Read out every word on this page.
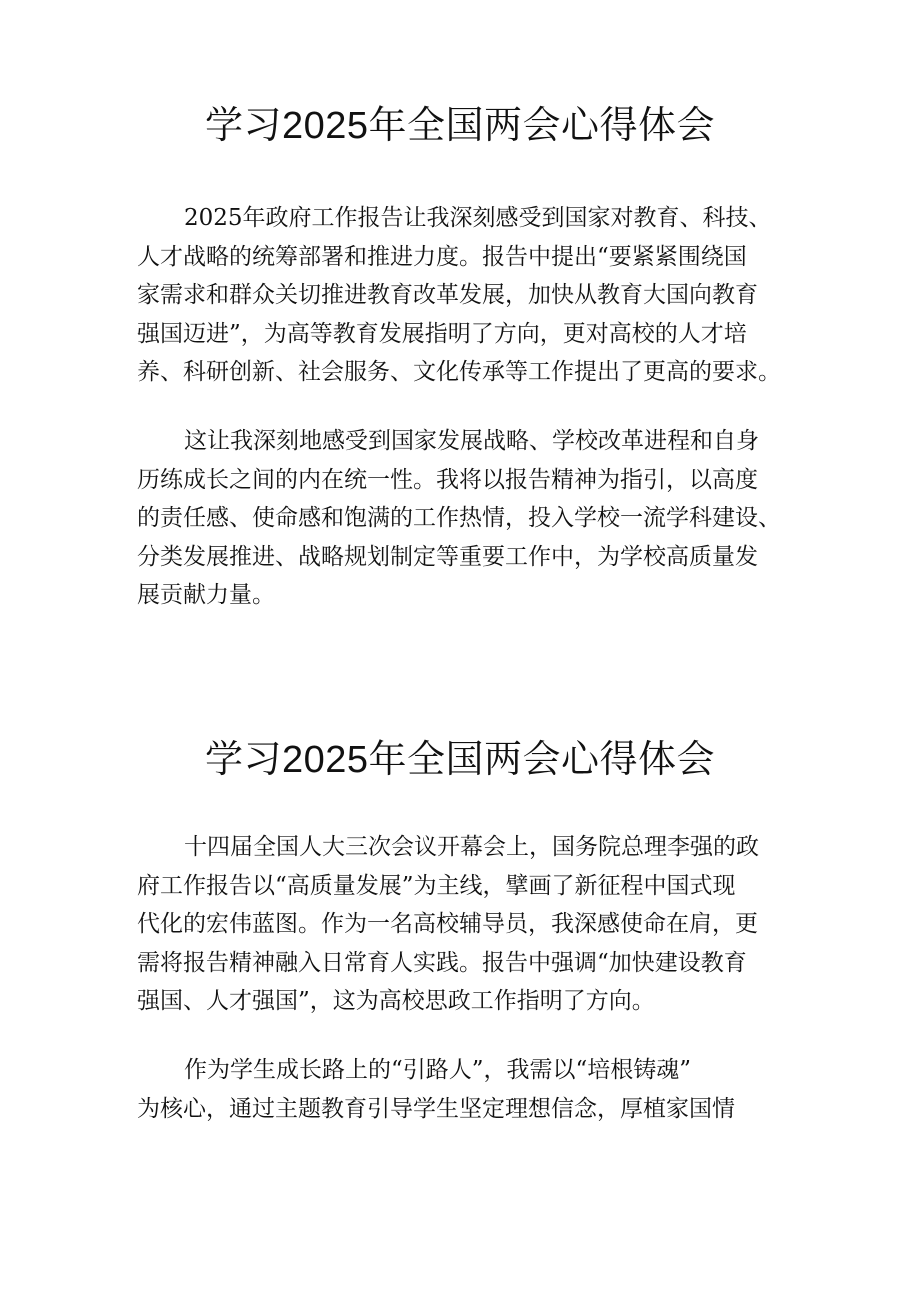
学习2025年全国两会心得体会

2025年政府工作报告让我深刻感受到国家对教育、科技、
人才战略的统筹部署和推进力度。报告中提出“要紧紧围绕国
家需求和群众关切推进教育改革发展，加快从教育大国向教育
强国迈进”，为高等教育发展指明了方向，更对高校的人才培
养、科研创新、社会服务、文化传承等工作提出了更高的要求。

这让我深刻地感受到国家发展战略、学校改革进程和自身
历练成长之间的内在统一性。我将以报告精神为指引，以高度
的责任感、使命感和饱满的工作热情，投入学校一流学科建设、
分类发展推进、战略规划制定等重要工作中，为学校高质量发
展贡献力量。

学习2025年全国两会心得体会

十四届全国人大三次会议开幕会上，国务院总理李强的政
府工作报告以“高质量发展”为主线，擘画了新征程中国式现
代化的宏伟蓝图。作为一名高校辅导员，我深感使命在肩，更
需将报告精神融入日常育人实践。报告中强调“加快建设教育
强国、人才强国”，这为高校思政工作指明了方向。

作为学生成长路上的“引路人”，我需以“培根铸魂”
为核心，通过主题教育引导学生坚定理想信念，厚植家国情
